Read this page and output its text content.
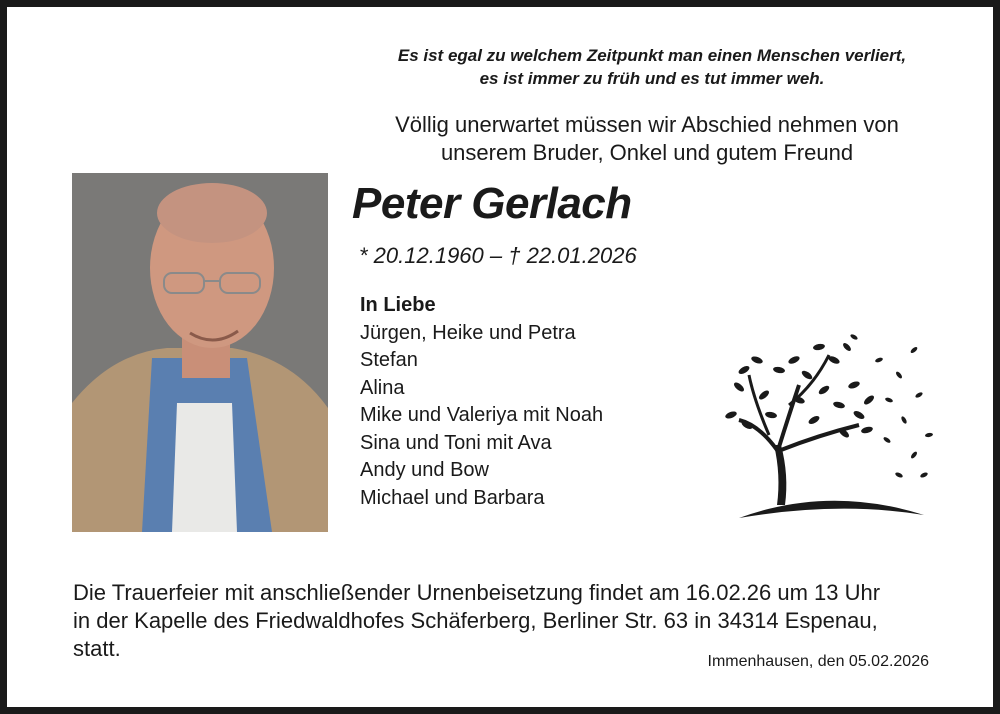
Es ist egal zu welchem Zeitpunkt man einen Menschen verliert,
es ist immer zu früh und es tut immer weh.
Völlig unerwartet müssen wir Abschied nehmen von
unserem Bruder, Onkel und gutem Freund
Peter Gerlach
* 20.12.1960 – † 22.01.2026
In Liebe
Jürgen, Heike und Petra
Stefan
Alina
Mike und Valeriya mit Noah
Sina und Toni mit Ava
Andy und Bow
Michael und Barbara
Die Trauerfeier mit anschließender Urnenbeisetzung findet am 16.02.26 um 13 Uhr
in der Kapelle des Friedwaldhofes Schäferberg, Berliner Str. 63 in 34314 Espenau,
statt.
Immenhausen, den 05.02.2026
